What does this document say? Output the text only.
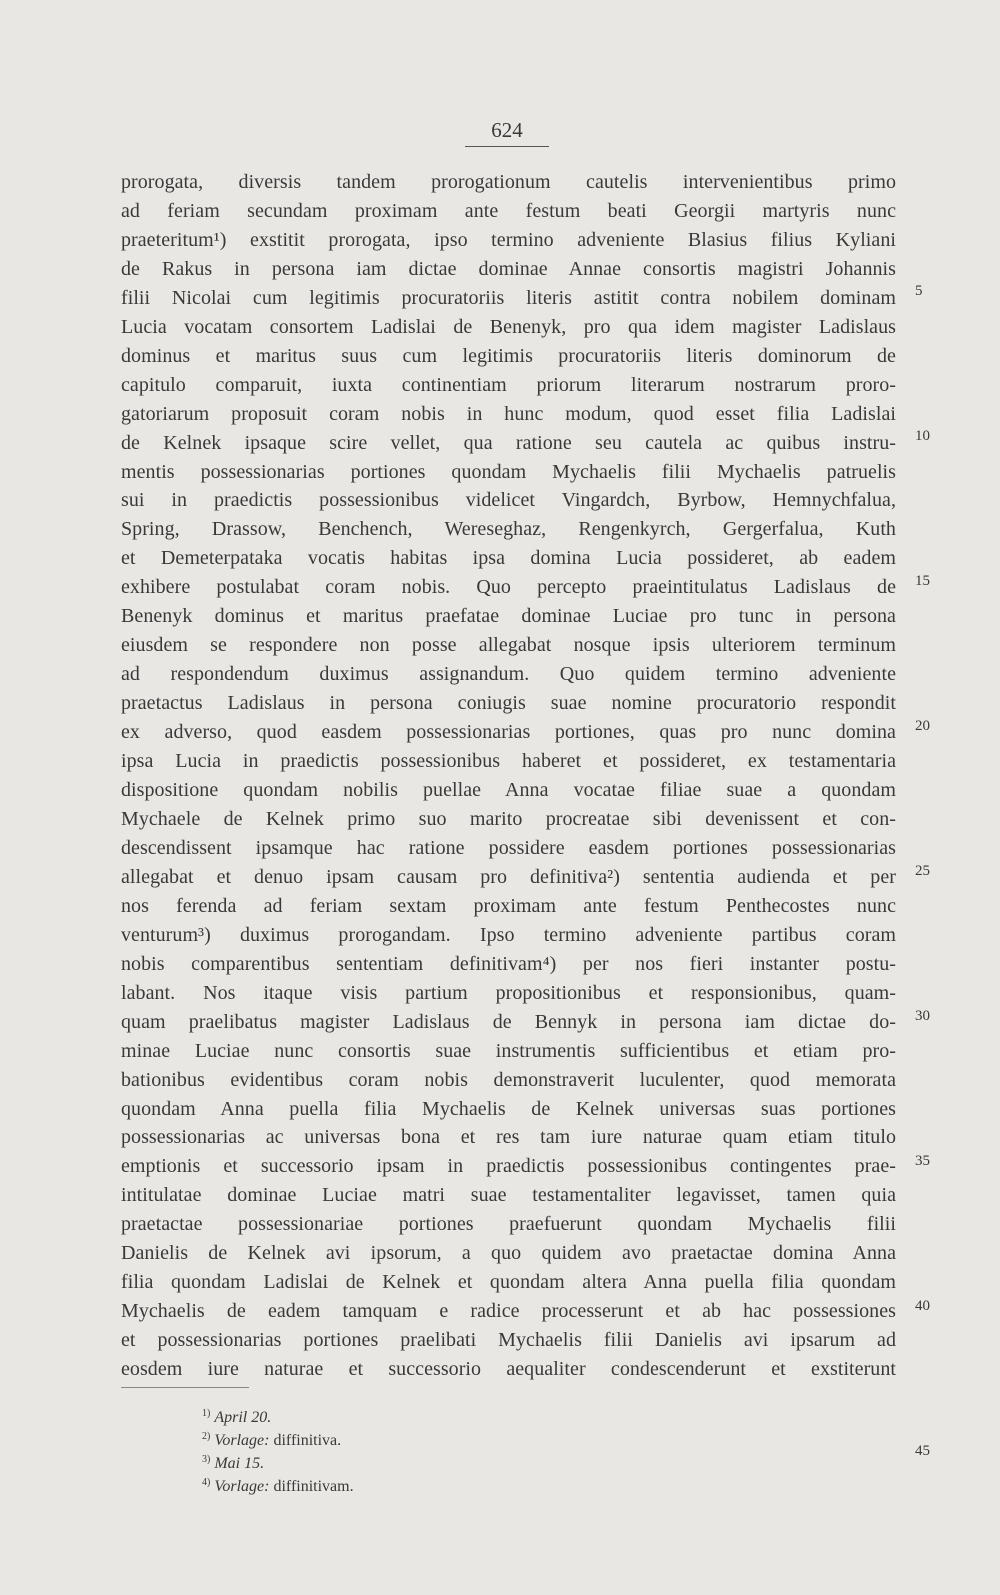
624
prorogata, diversis tandem prorogationum cautelis intervenientibus primo
ad feriam secundam proximam ante festum beati Georgii martyris nunc
praeteritum¹) exstitit prorogata, ipso termino adveniente Blasius filius Kyliani
de Rakus in persona iam dictae dominae Annae consortis magistri Johannis
filii Nicolai cum legitimis procuratoriis literis astitit contra nobilem dominam
Lucia vocatam consortem Ladislai de Benenyk, pro qua idem magister Ladislaus
dominus et maritus suus cum legitimis procuratoriis literis dominorum de
capitulo comparuit, iuxta continentiam priorum literarum nostrarum proro-
gatoriarum proposuit coram nobis in hunc modum, quod esset filia Ladislai
de Kelnek ipsaque scire vellet, qua ratione seu cautela ac quibus instru-
mentis possessionarias portiones quondam Mychaelis filii Mychaelis patruelis
sui in praedictis possessionibus videlicet Vingardch, Byrbow, Hemnychfalua,
Spring, Drassow, Benchench, Wereseghaz, Rengenkyrch, Gergerfalua, Kuth
et Demeterpataka vocatis habitas ipsa domina Lucia possideret, ab eadem
exhibere postulabat coram nobis. Quo percepto praeintitulatus Ladislaus de
Benenyk dominus et maritus praefatae dominae Luciae pro tunc in persona
eiusdem se respondere non posse allegabat nosque ipsis ulteriorem terminum
ad respondendum duximus assignandum. Quo quidem termino adveniente
praetactus Ladislaus in persona coniugis suae nomine procuratorio respondit
ex adverso, quod easdem possessionarias portiones, quas pro nunc domina
ipsa Lucia in praedictis possessionibus haberet et possideret, ex testamentaria
dispositione quondam nobilis puellae Anna vocatae filiae suae a quondam
Mychaele de Kelnek primo suo marito procreatae sibi devenissent et con-
descendissent ipsamque hac ratione possidere easdem portiones possessionarias
allegabat et denuo ipsam causam pro definitiva²) sententia audienda et per
nos ferenda ad feriam sextam proximam ante festum Penthecostes nunc
venturum³) duximus prorogandam. Ipso termino adveniente partibus coram
nobis comparentibus sententiam definitivam⁴) per nos fieri instanter postu-
labant. Nos itaque visis partium propositionibus et responsionibus, quam-
quam praelibatus magister Ladislaus de Bennyk in persona iam dictae do-
minae Luciae nunc consortis suae instrumentis sufficientibus et etiam pro-
bationibus evidentibus coram nobis demonstraverit luculenter, quod memorata
quondam Anna puella filia Mychaelis de Kelnek universas suas portiones
possessionarias ac universas bona et res tam iure naturae quam etiam titulo
emptionis et successorio ipsam in praedictis possessionibus contingentes prae-
intitulatae dominae Luciae matri suae testamentaliter legavisset, tamen quia
praetactae possessionariae portiones praefuerunt quondam Mychaelis filii
Danielis de Kelnek avi ipsorum, a quo quidem avo praetactae domina Anna
filia quondam Ladislai de Kelnek et quondam altera Anna puella filia quondam
Mychaelis de eadem tamquam e radice processerunt et ab hac possessiones
et possessionarias portiones praelibati Mychaelis filii Danielis avi ipsarum ad
eosdem iure naturae et successorio aequaliter condescenderunt et exstiterunt
5
10
15
20
25
30
35
40
45
$^{1)}$ April 20.
$^{2)}$ Vorlage: diffinitiva.
$^{3)}$ Mai 15.
$^{4)}$ Vorlage: diffinitivam.
